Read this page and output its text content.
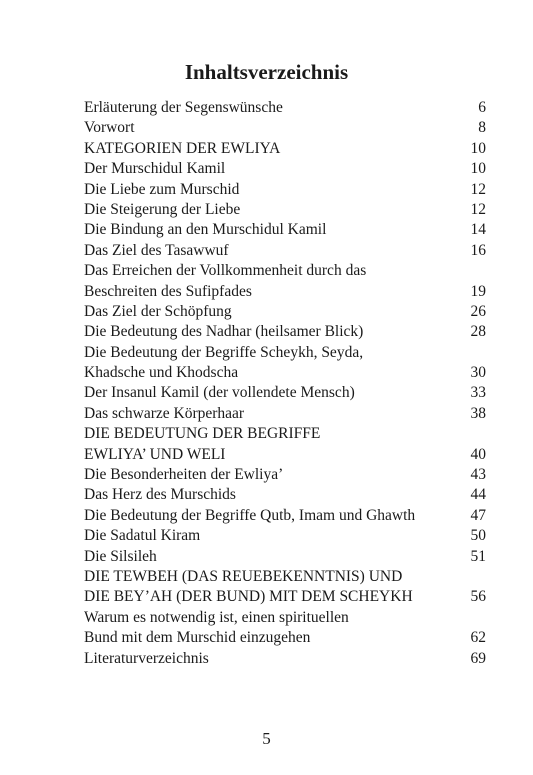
Inhaltsverzeichnis
Erläuterung der Segenswünsche	6
Vorwort	8
KATEGORIEN DER EWLIYA	10
Der Murschidul Kamil	10
Die Liebe zum Murschid	12
Die Steigerung der Liebe	12
Die Bindung an den Murschidul Kamil	14
Das Ziel des Tasawwuf	16
Das Erreichen der Vollkommenheit durch das
Beschreiten des Sufipfades	19
Das Ziel der Schöpfung	26
Die Bedeutung des Nadhar (heilsamer Blick)	28
Die Bedeutung der Begriffe Scheykh, Seyda,
Khadsche und Khodscha	30
Der Insanul Kamil (der vollendete Mensch)	33
Das schwarze Körperhaar	38
DIE BEDEUTUNG DER BEGRIFFE
EWLIYA’ UND WELI	40
Die Besonderheiten der Ewliya’	43
Das Herz des Murschids	44
Die Bedeutung der Begriffe Qutb, Imam und Ghawth	47
Die Sadatul Kiram	50
Die Silsileh	51
DIE TEWBEH (DAS REUEBEKENNTNIS) UND
DIE BEY’AH (DER BUND) MIT DEM SCHEYKH	56
Warum es notwendig ist, einen spirituellen
Bund mit dem Murschid einzugehen	62
Literaturverzeichnis	69
5
